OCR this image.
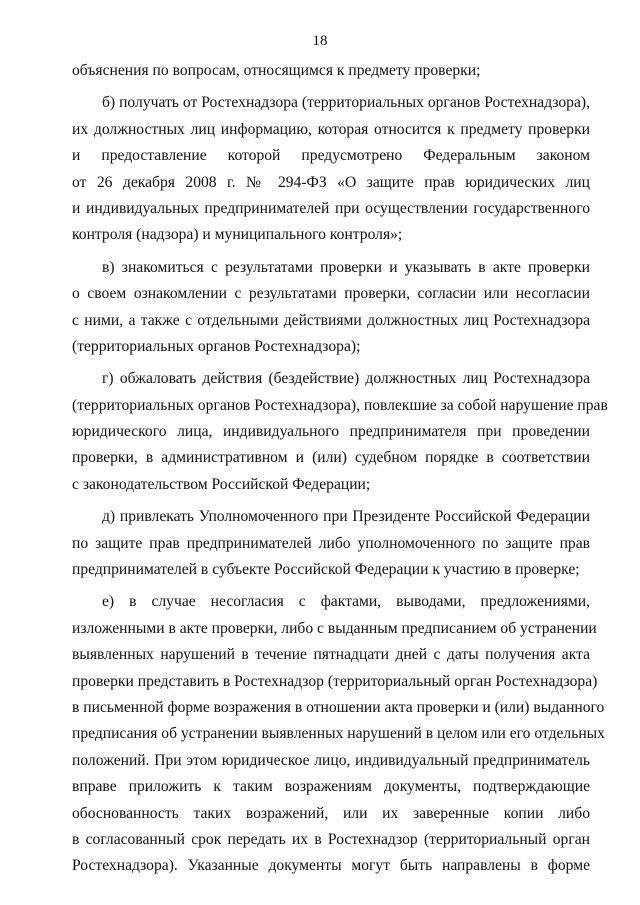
18
объяснения по вопросам, относящимся к предмету проверки;
б) получать от Ростехнадзора (территориальных органов Ростехнадзора),
их должностных лиц информацию, которая относится к предмету проверки
и предоставление которой предусмотрено Федеральным законом
от 26 декабря 2008 г. № 294-ФЗ «О защите прав юридических лиц
и индивидуальных предпринимателей при осуществлении государственного
контроля (надзора) и муниципального контроля»;
в) знакомиться с результатами проверки и указывать в акте проверки
о своем ознакомлении с результатами проверки, согласии или несогласии
с ними, а также с отдельными действиями должностных лиц Ростехнадзора
(территориальных органов Ростехнадзора);
г) обжаловать действия (бездействие) должностных лиц Ростехнадзора
(территориальных органов Ростехнадзора), повлекшие за собой нарушение прав
юридического лица, индивидуального предпринимателя при проведении
проверки, в административном и (или) судебном порядке в соответствии
с законодательством Российской Федерации;
д) привлекать Уполномоченного при Президенте Российской Федерации
по защите прав предпринимателей либо уполномоченного по защите прав
предпринимателей в субъекте Российской Федерации к участию в проверке;
е) в случае несогласия с фактами, выводами, предложениями,
изложенными в акте проверки, либо с выданным предписанием об устранении
выявленных нарушений в течение пятнадцати дней с даты получения акта
проверки представить в Ростехнадзор (территориальный орган Ростехнадзора)
в письменной форме возражения в отношении акта проверки и (или) выданного
предписания об устранении выявленных нарушений в целом или его отдельных
положений. При этом юридическое лицо, индивидуальный предприниматель
вправе приложить к таким возражениям документы, подтверждающие
обоснованность таких возражений, или их заверенные копии либо
в согласованный срок передать их в Ростехнадзор (территориальный орган
Ростехнадзора). Указанные документы могут быть направлены в форме
